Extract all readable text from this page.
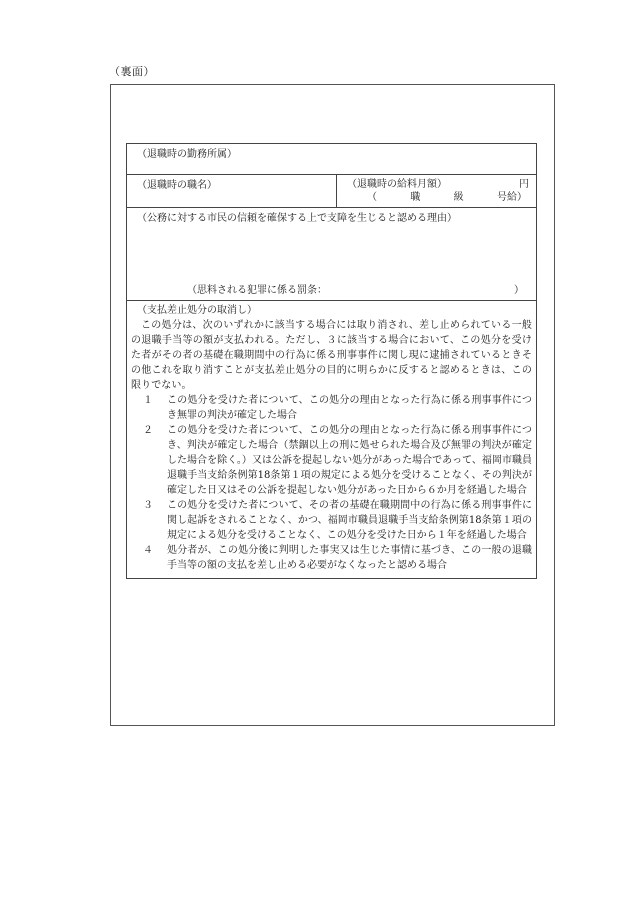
（裏面）
（退職時の勤務所属）
（退職時の職名）	（退職時の給料月額）	円
（	職	級	号給）
（公務に対する市民の信頼を確保する上で支障を生じると認める理由）
（思料される犯罪に係る罰条：	）

（支払差止処分の取消し）

この処分は、次のいずれかに該当する場合には取り消され、差し止められている一般の退職手当等の額が支払われる。ただし、３に該当する場合において、この処分を受けた者がその者の基礎在職期間中の行為に係る刑事事件に関し現に逮捕されているときその他これを取り消すことが支払差止処分の目的に明らかに反すると認めるときは、この限りでない。

１	この処分を受けた者について、この処分の理由となった行為に係る刑事事件につき無罪の判決が確定した場合
２	この処分を受けた者について、この処分の理由となった行為に係る刑事事件につき、判決が確定した場合（禁錮以上の刑に処せられた場合及び無罪の判決が確定した場合を除く。）又は公訴を提起しない処分があった場合であって、福岡市職員退職手当支給条例第18条第１項の規定による処分を受けることなく、その判決が確定した日又はその公訴を提起しない処分があった日から６か月を経過した場合
３	この処分を受けた者について、その者の基礎在職期間中の行為に係る刑事事件に関し起訴をされることなく、かつ、福岡市職員退職手当支給条例第18条第１項の規定による処分を受けることなく、この処分を受けた日から１年を経過した場合
４	処分者が、この処分後に判明した事実又は生じた事情に基づき、この一般の退職手当等の額の支払を差し止める必要がなくなったと認める場合
